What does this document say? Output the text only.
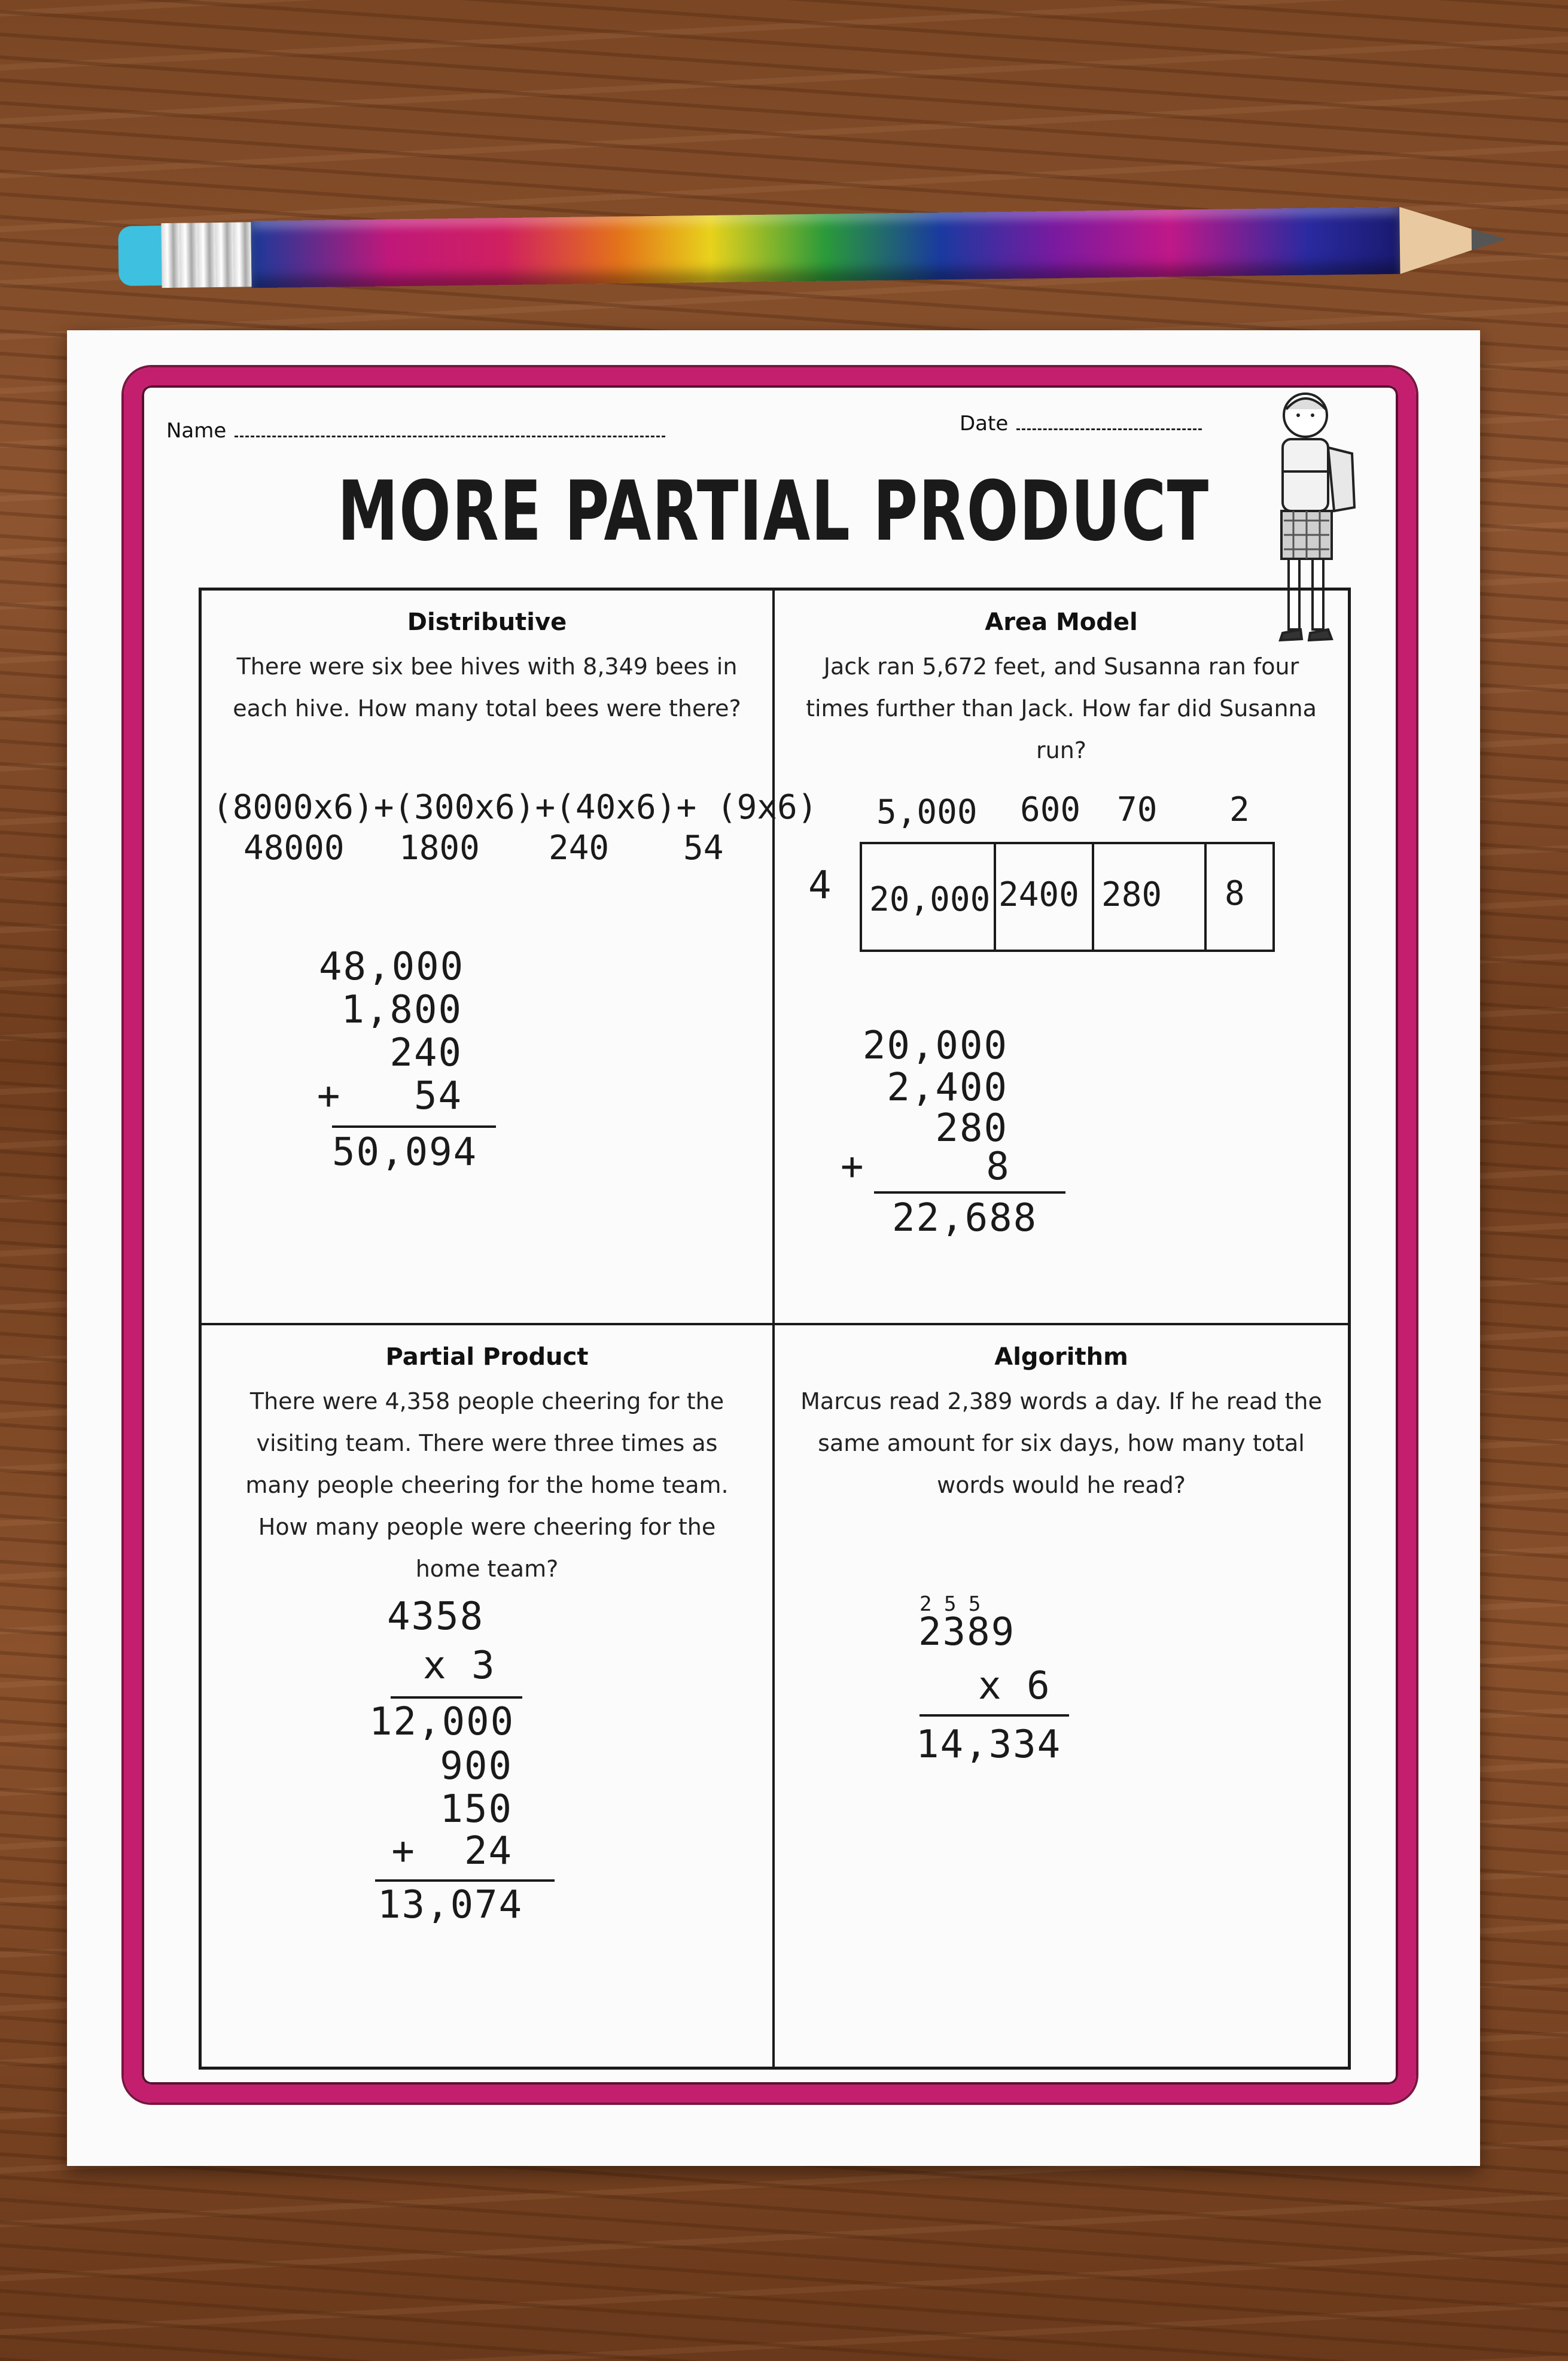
Name	Date
MORE PARTIAL PRODUCT
Distributive
There were six bee hives with 8,349 bees in each hive. How many total bees were there?
(8000x6)+(300x6)+(40x6)+ (9x6)
48000 1800 240 54
48,000
1,800
240
+   54
50,094
Area Model
Jack ran 5,672 feet, and Susanna ran four times further than Jack. How far did Susanna run?
5,000 600 70 2
4 20,000 2400 280 8
20,000
2,400
280
+     8
22,688
Partial Product
There were 4,358 people cheering for the visiting team. There were three times as many people cheering for the home team. How many people were cheering for the home team?
4358
x 3
12,000
900
150
+  24
13,074
Algorithm
Marcus read 2,389 words a day. If he read the same amount for six days, how many total words would he read?
2 5 5
2389
x 6
14,334
